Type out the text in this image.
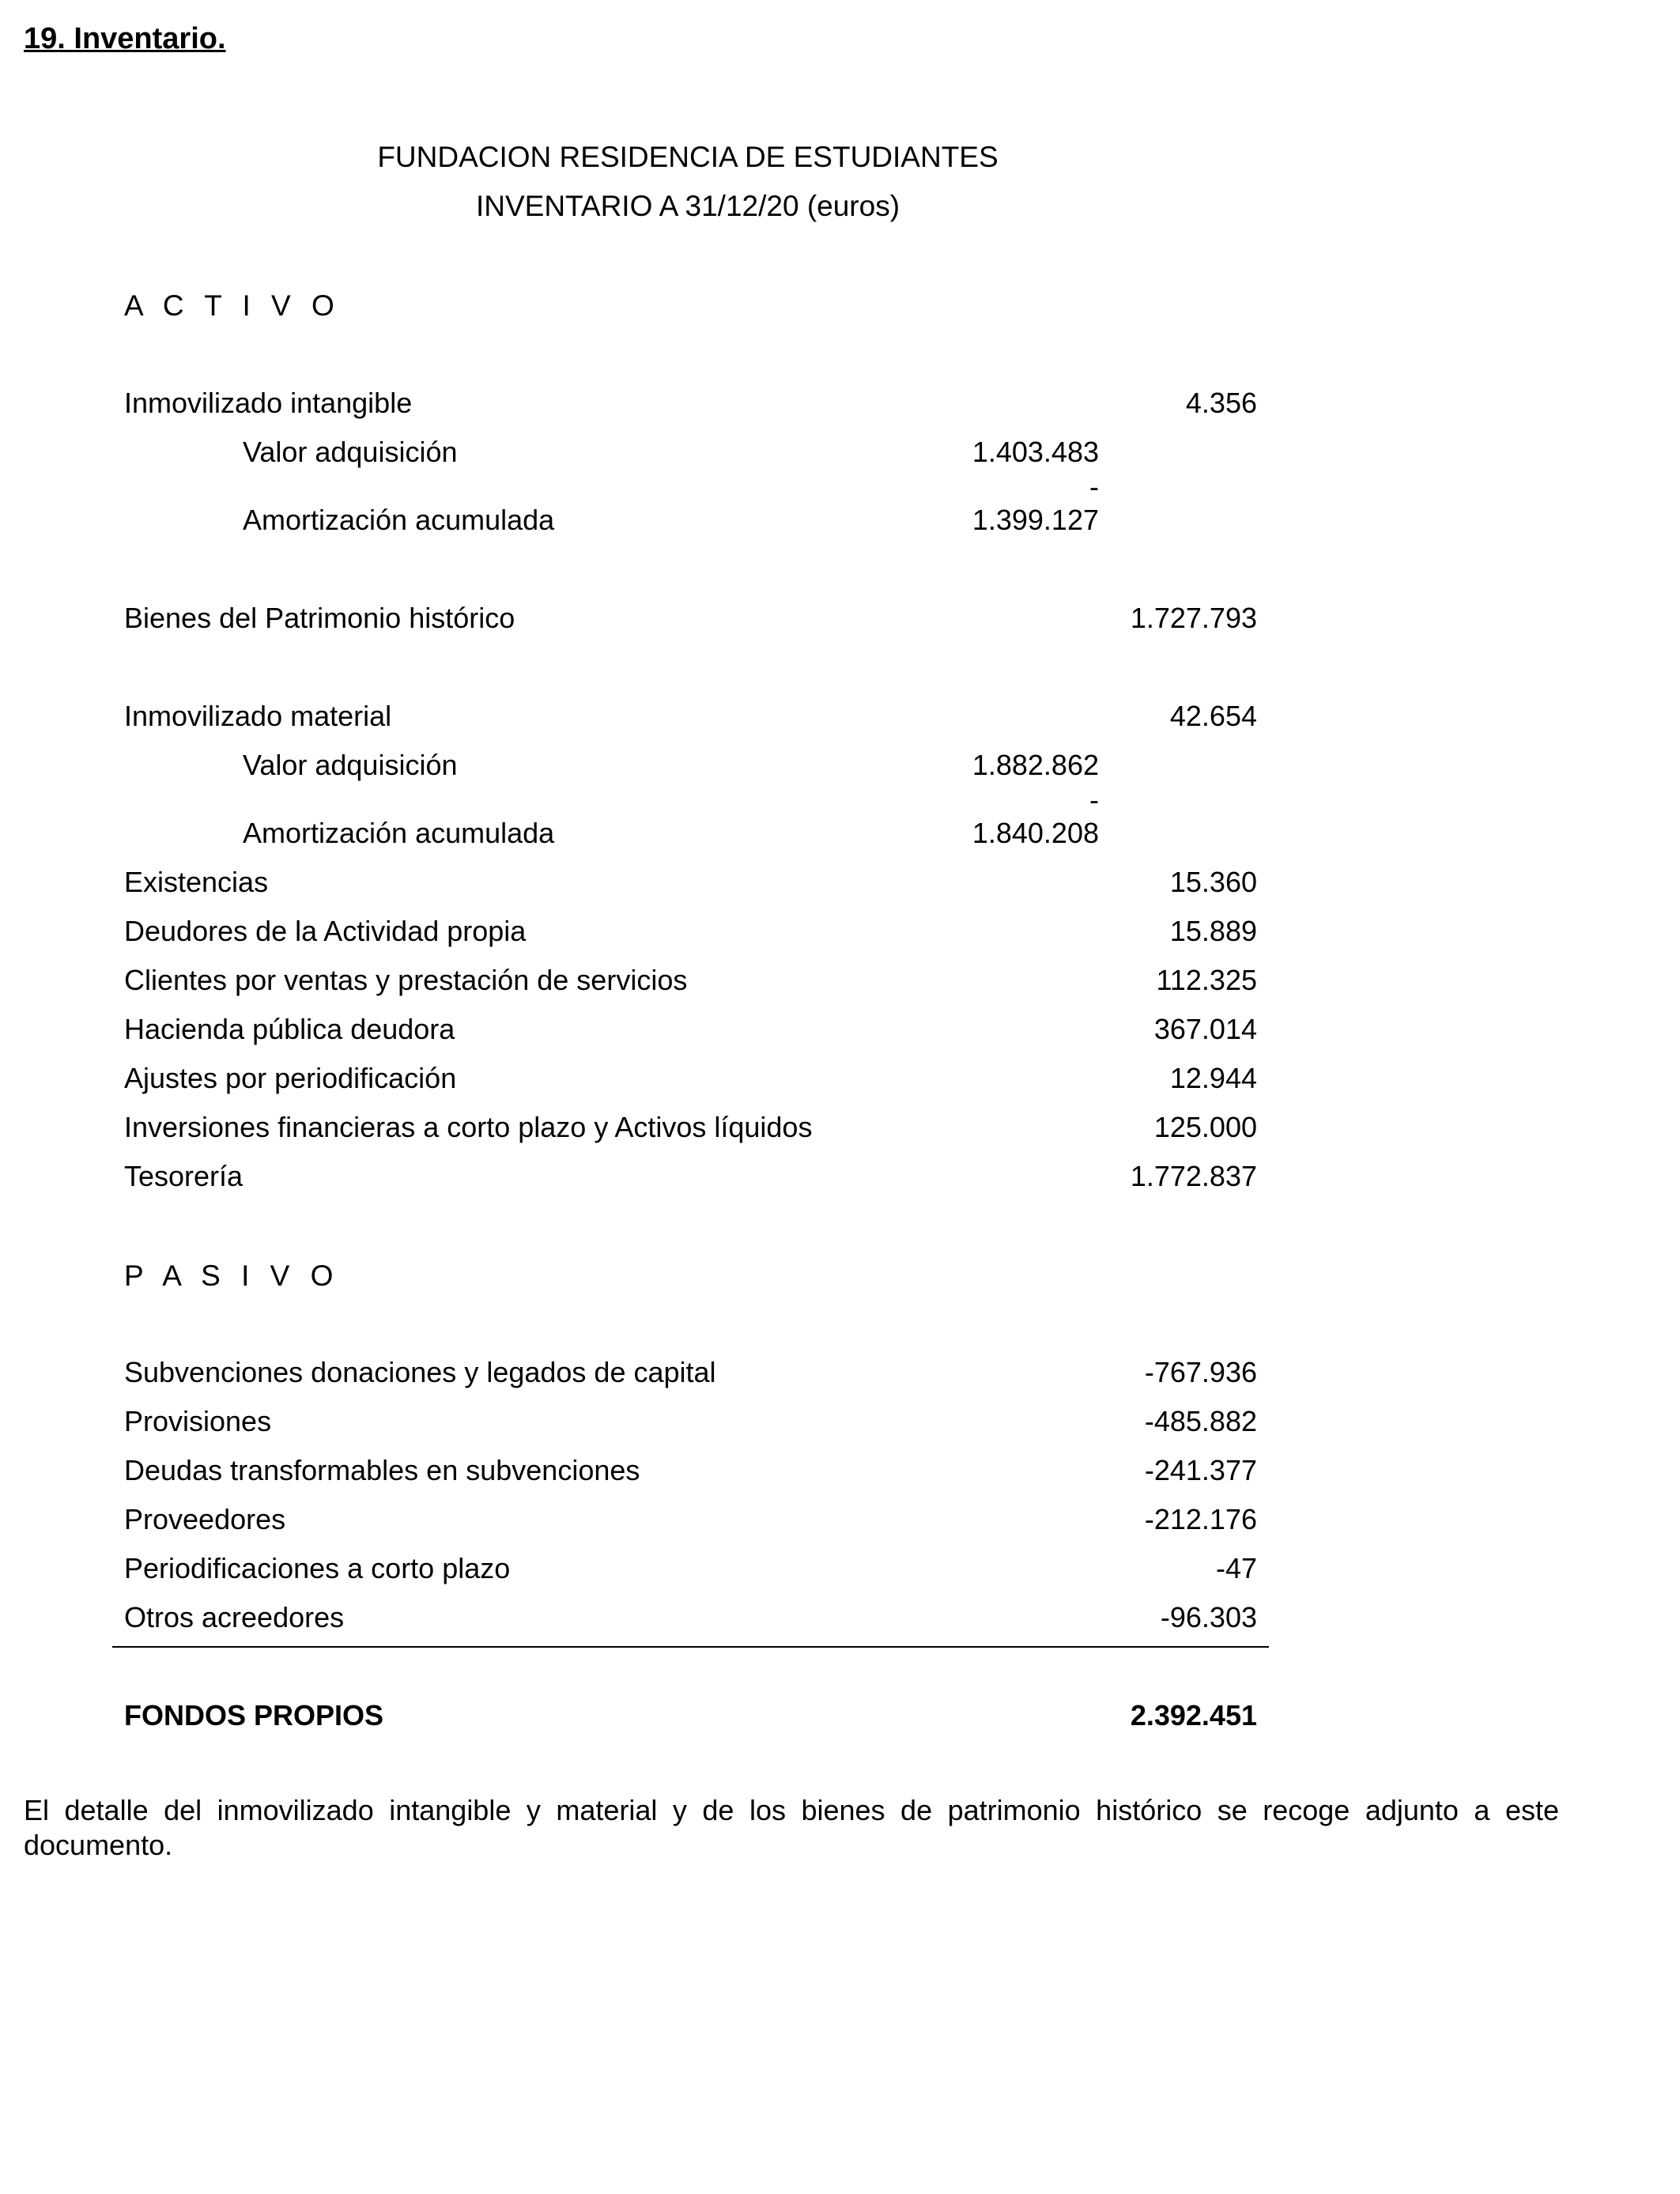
19. Inventario.
FUNDACION RESIDENCIA DE ESTUDIANTES
INVENTARIO A 31/12/20 (euros)
A C T I V O
Inmovilizado intangible	4.356
Valor adquisición	1.403.483
-
Amortización acumulada	1.399.127
Bienes del Patrimonio histórico	1.727.793
Inmovilizado material	42.654
Valor adquisición	1.882.862
-
Amortización acumulada	1.840.208
Existencias	15.360
Deudores de la Actividad propia	15.889
Clientes por ventas y prestación de servicios	112.325
Hacienda pública deudora	367.014
Ajustes por periodificación	12.944
Inversiones financieras a corto plazo y Activos líquidos	125.000
Tesorería	1.772.837
P A S I V O
Subvenciones donaciones y legados de capital	-767.936
Provisiones	-485.882
Deudas transformables en subvenciones	-241.377
Proveedores	-212.176
Periodificaciones a corto plazo	-47
Otros acreedores	-96.303
FONDOS PROPIOS	2.392.451
El detalle del inmovilizado intangible y material y de los bienes de patrimonio histórico se recoge adjunto a este documento.
